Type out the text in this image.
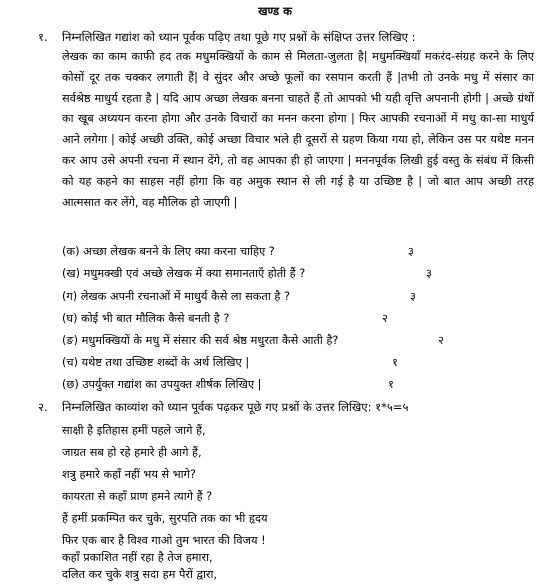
खण्ड क
१. निम्नलिखित गद्यांश को ध्यान पूर्वक पढ़िए तथा पूछे गए प्रश्नों के संक्षिप्त उत्तर लिखिए :
लेखक का काम काफी हद तक मधुमक्खियों के काम से मिलता-जुलता है| मधुमक्खियाँ मकरंद-संग्रह करने के लिए कोसों दूर तक चक्कर लगाती हैं| वे सुंदर और अच्छे फूलों का रसपान करती हैं |तभी तो उनके मधु में संसार का सर्वश्रेष्ठ माधुर्य रहता है | यदि आप अच्छा लेखक बनना चाहते हैं तो आपको भी यही वृत्ति अपनानी होगी | अच्छे ग्रंथों का खूब अध्ययन करना होगा और उनके विचारों का मनन करना होगा | फिर आपकी रचनाओं में मधु का-सा माधुर्य आने लगेगा | कोई अच्छी उक्ति, कोई अच्छा विचार भले ही दूसरों से ग्रहण किया गया हो, लेकिन उस पर यथेष्ट मनन कर आप उसे अपनी रचना में स्थान देंगे, तो वह आपका ही हो जाएगा | मननपूर्वक लिखी हुई वस्तु के संबंध में किसी को यह कहने का साहस नहीं होगा कि वह अमुक स्थान से ली गई है या उच्छिष्ट है | जो बात आप अच्छी तरह आत्मसात कर लेंगे, वह मौलिक हो जाएगी |
(क) अच्छा लेखक बनने के लिए क्या करना चाहिए ?	३
(ख) मधुमक्खी एवं अच्छे लेखक में क्या समानताएँ होती हैं ?	३
(ग) लेखक अपनी रचनाओं में माधुर्य कैसे ला सकता है ?	३
(घ) कोई भी बात मौलिक कैसे बनती है ?	२
(ङ) मधुमक्खियों के मधु में संसार की सर्व श्रेष्ठ मधुरता कैसे आती है?	२
(च) यथेष्ट तथा उच्छिष्ट शब्दों के अर्थ लिखिए |	१
(छ) उपर्युक्त गद्यांश का उपयुक्त शीर्षक लिखिए |	१
२. निम्नलिखित काव्यांश को ध्यान पूर्वक पढ़कर पूछे गए प्रश्नों के उत्तर लिखिए: १*५=५
साक्षी है इतिहास हमीं पहले जागे हैं,
जाग्रत सब हो रहे हमारे ही आगे हैं,
शत्रु हमारे कहाँ नहीं भय से भागे?
कायरता से कहाँ प्राण हमने त्यागे हैं ?
हैं हमीं प्रकम्पित कर चुके, सुरपति तक का भी हृदय
फिर एक बार है विश्व गाओ तुम भारत की विजय !
कहाँ प्रकाशित नहीं रहा है तेज हमारा,
दलित कर चुके शत्रु सदा हम पैरों द्वारा,
